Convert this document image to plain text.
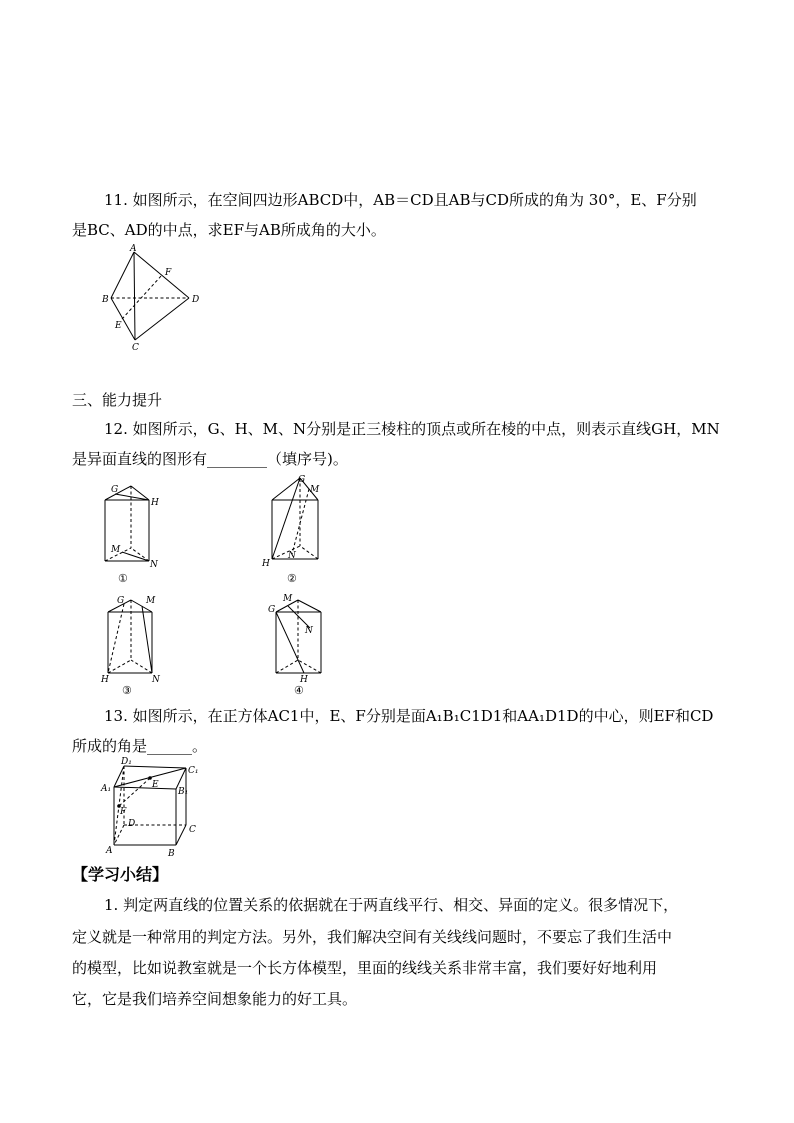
11. 如图所示，在空间四边形ABCD中，AB＝CD且AB与CD所成的角为 30°，E、F分别
是BC、AD的中点，求EF与AB所成角的大小。
A
F
B	D
E
C
三、能力提升
12. 如图所示，G、H、M、N分别是正三棱柱的顶点或所在棱的中点，则表示直线GH，MN
是异面直线的图形有________（填序号)。
G
H
M
N
①
G
M
N
H
②
G M
H	N
③
G
M
N
H
④
13. 如图所示，在正方体AC1中，E、F分别是面A₁B₁C1D1和AA₁D1D的中心，则EF和CD
所成的角是______。
D₁
C₁
E
A₁	B₁
F
D
C
A	B
【学习小结】
1. 判定两直线的位置关系的依据就在于两直线平行、相交、异面的定义。很多情况下，
定义就是一种常用的判定方法。另外，我们解决空间有关线线问题时，不要忘了我们生活中
的模型，比如说教室就是一个长方体模型，里面的线线关系非常丰富，我们要好好地利用
它，它是我们培养空间想象能力的好工具。
